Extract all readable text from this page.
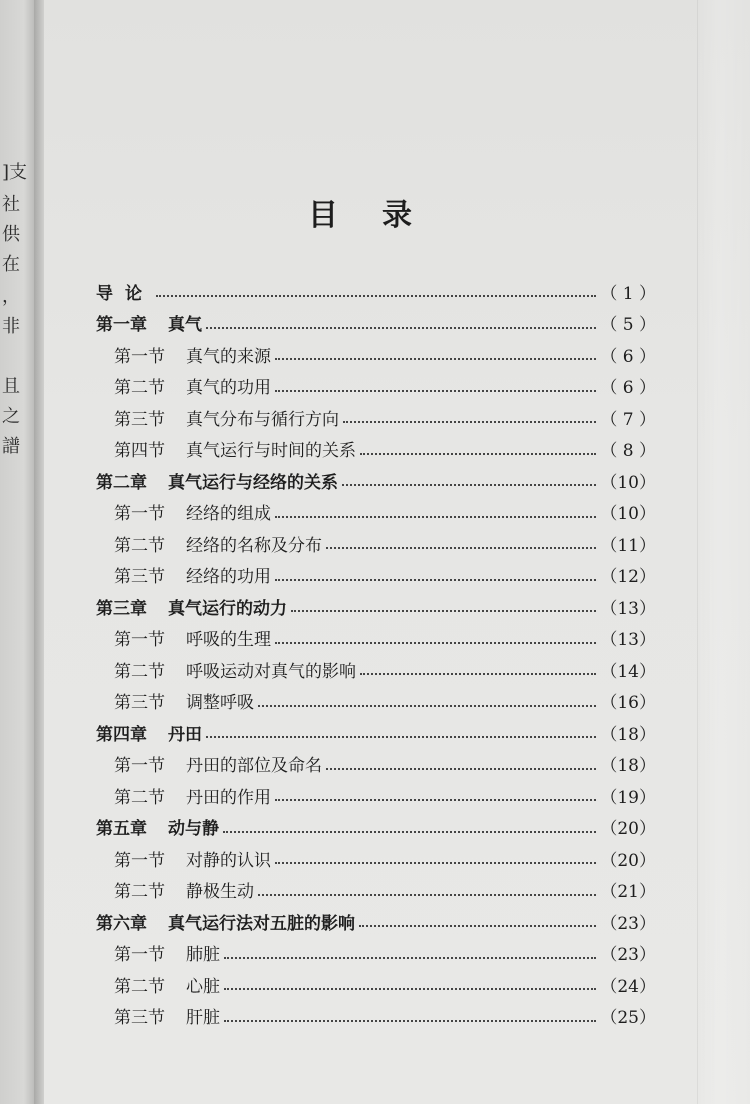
]支
社
供
在
，
非
且
之
譜
目录
导论	（ 1 ）
第一章	真气	（ 5 ）
第一节	真气的来源	（ 6 ）
第二节	真气的功用	（ 6 ）
第三节	真气分布与循行方向	（ 7 ）
第四节	真气运行与时间的关系	（ 8 ）
第二章	真气运行与经络的关系	（10）
第一节	经络的组成	（10）
第二节	经络的名称及分布	（11）
第三节	经络的功用	（12）
第三章	真气运行的动力	（13）
第一节	呼吸的生理	（13）
第二节	呼吸运动对真气的影响	（14）
第三节	调整呼吸	（16）
第四章	丹田	（18）
第一节	丹田的部位及命名	（18）
第二节	丹田的作用	（19）
第五章	动与静	（20）
第一节	对静的认识	（20）
第二节	静极生动	（21）
第六章	真气运行法对五脏的影响	（23）
第一节	肺脏	（23）
第二节	心脏	（24）
第三节	肝脏	（25）
